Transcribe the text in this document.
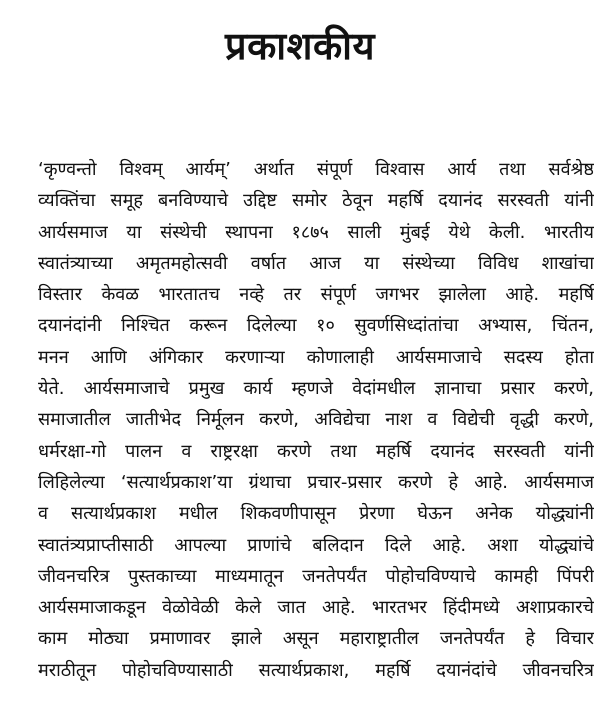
प्रकाशकीय
‘कृण्वन्तो विश्वम् आर्यम्’ अर्थात संपूर्ण विश्वास आर्य तथा सर्वश्रेष्ठ
व्यक्तिंचा समूह बनविण्याचे उद्दिष्ट समोर ठेवून महर्षि दयानंद सरस्वती यांनी
आर्यसमाज या संस्थेची स्थापना १८७५ साली मुंबई येथे केली. भारतीय
स्वातंत्र्याच्या अमृतमहोत्सवी वर्षात आज या संस्थेच्या विविध शाखांचा
विस्तार केवळ भारतातच नव्हे तर संपूर्ण जगभर झालेला आहे. महर्षि
दयानंदांनी निश्चित करून दिलेल्या १० सुवर्णसिध्दांतांचा अभ्यास, चिंतन,
मनन आणि अंगिकार करणाऱ्या कोणालाही आर्यसमाजाचे सदस्य होता
येते. आर्यसमाजाचे प्रमुख कार्य म्हणजे वेदांमधील ज्ञानाचा प्रसार करणे,
समाजातील जातीभेद निर्मूलन करणे, अविद्येचा नाश व विद्येची वृद्धी करणे,
धर्मरक्षा-गो पालन व राष्ट्ररक्षा करणे तथा महर्षि दयानंद सरस्वती यांनी
लिहिलेल्या ‘सत्यार्थप्रकाश’या ग्रंथाचा प्रचार-प्रसार करणे हे आहे. आर्यसमाज
व सत्यार्थप्रकाश मधील शिकवणीपासून प्रेरणा घेऊन अनेक योद्ध्यांनी
स्वातंत्र्यप्राप्तीसाठी आपल्या प्राणांचे बलिदान दिले आहे. अशा योद्ध्यांचे
जीवनचरित्र पुस्तकाच्या माध्यमातून जनतेपर्यंत पोहोचविण्याचे कामही पिंपरी
आर्यसमाजाकडून वेळोवेळी केले जात आहे. भारतभर हिंदीमध्ये अशाप्रकारचे
काम मोठ्या प्रमाणावर झाले असून महाराष्ट्रातील जनतेपर्यंत हे विचार
मराठीतून पोहोचविण्यासाठी सत्यार्थप्रकाश, महर्षि दयानंदांचे जीवनचरित्र
